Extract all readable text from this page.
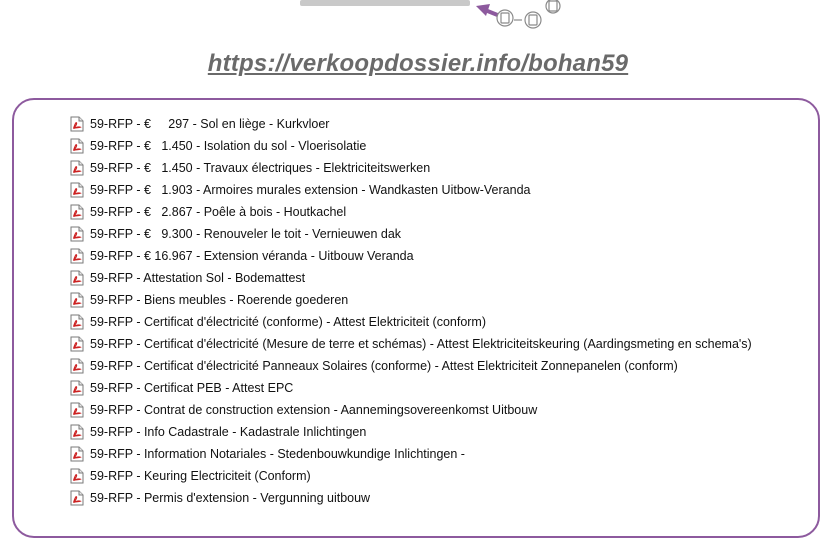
https://verkoopdossier.info/bohan59
59-RFP - €     297 - Sol en liège - Kurkvloer
59-RFP - €   1.450 - Isolation du sol - Vloerisolatie
59-RFP - €   1.450 - Travaux électriques - Elektriciteitswerken
59-RFP - €   1.903 - Armoires murales extension - Wandkasten Uitbow-Veranda
59-RFP - €   2.867 - Poêle à bois - Houtkachel
59-RFP - €   9.300 - Renouveler le toit - Vernieuwen dak
59-RFP - € 16.967 - Extension véranda - Uitbouw Veranda
59-RFP - Attestation Sol - Bodemattest
59-RFP - Biens meubles - Roerende goederen
59-RFP - Certificat d'électricité (conforme) - Attest Elektriciteit (conform)
59-RFP - Certificat d'électricité (Mesure de terre et schémas) - Attest Elektriciteitskeuring (Aardingsmeting en schema's)
59-RFP - Certificat d'électricité Panneaux Solaires (conforme) - Attest Elektriciteit Zonnepanelen (conform)
59-RFP - Certificat PEB - Attest EPC
59-RFP - Contrat de construction extension - Aannemingsovereenkomst Uitbouw
59-RFP - Info Cadastrale - Kadastrale Inlichtingen
59-RFP - Information Notariales - Stedenbouwkundige Inlichtingen -
59-RFP - Keuring Electriciteit (Conform)
59-RFP - Permis d'extension - Vergunning uitbouw
